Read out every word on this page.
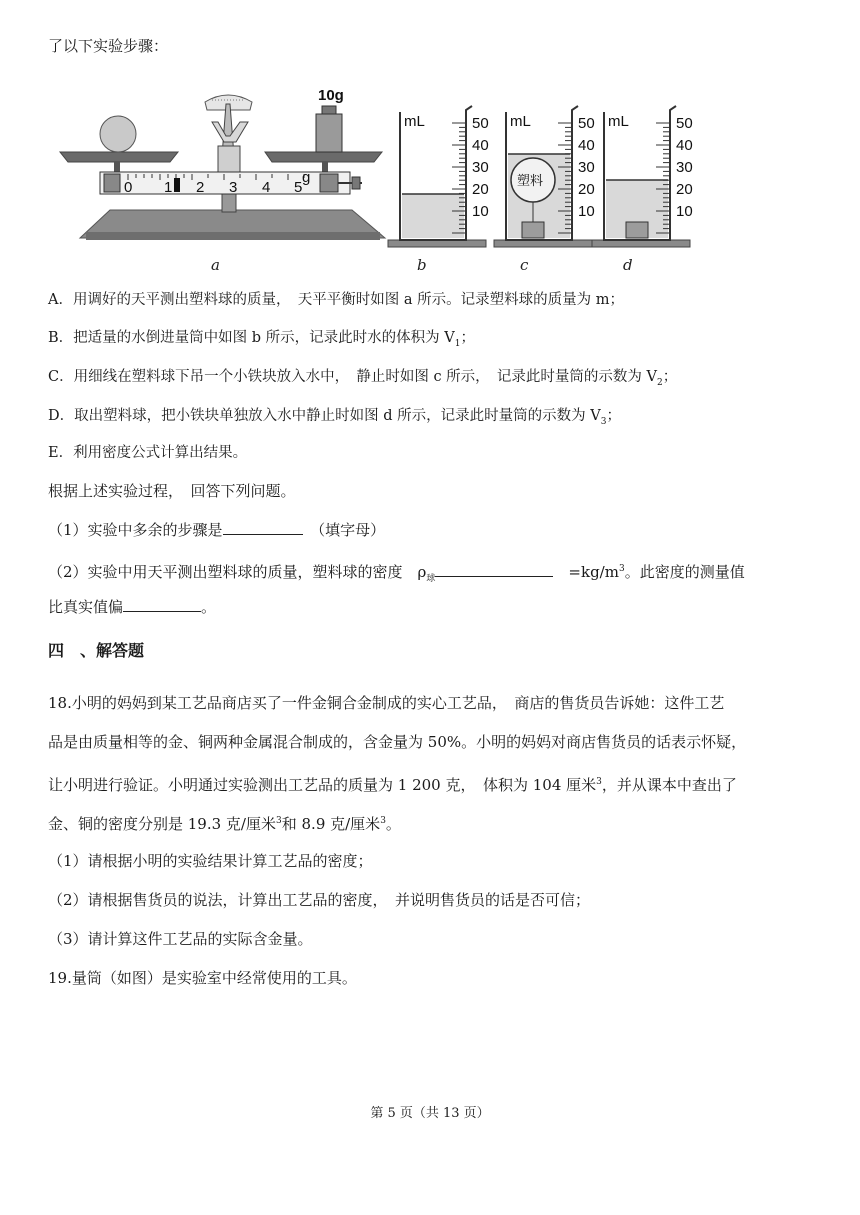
了以下实验步骤：
10g
0 1 2 3 4 5
g
mL	mL
塑料
mL
50
40
30
20
10
50
40
30
20
10
50
40
30
20
10
a	b	c	d
A．用调好的天平测出塑料球的质量，　天平平衡时如图 a 所示。记录塑料球的质量为 m；
B．把适量的水倒进量筒中如图 b 所示，记录此时水的体积为 $V_1$；
C．用细线在塑料球下吊一个小铁块放入水中，　静止时如图 c 所示，　记录此时量筒的示数为 $V_2$；
D．取出塑料球，把小铁块单独放入水中静止时如图 d 所示，记录此时量筒的示数为 $V_3$；
E．利用密度公式计算出结果。
根据上述实验过程，　回答下列问题。
（1）实验中多余的步骤是　	（填字母）
（2）实验中用天平测出塑料球的质量，塑料球的密度　$\rho_球$　	$=kg/m^3$。此密度的测量值
比真实值偏	。
四　、解答题
18.小明的妈妈到某工艺品商店买了一件金铜合金制成的实心工艺品，　商店的售货员告诉她：这件工艺
品是由质量相等的金、铜两种金属混合制成的，含金量为 50%。小明的妈妈对商店售货员的话表示怀疑，
让小明进行验证。小明通过实验测出工艺品的质量为 1 200 克，　体积为 104 厘米$^3$，并从课本中查出了
金、铜的密度分别是 19.3 克/厘米$^3$和 8.9 克/厘米$^3$。
（1）请根据小明的实验结果计算工艺品的密度；
（2）请根据售货员的说法，计算出工艺品的密度，　并说明售货员的话是否可信；
（3）请计算这件工艺品的实际含金量。
19.量筒（如图）是实验室中经常使用的工具。
第 5 页（共 13 页）
